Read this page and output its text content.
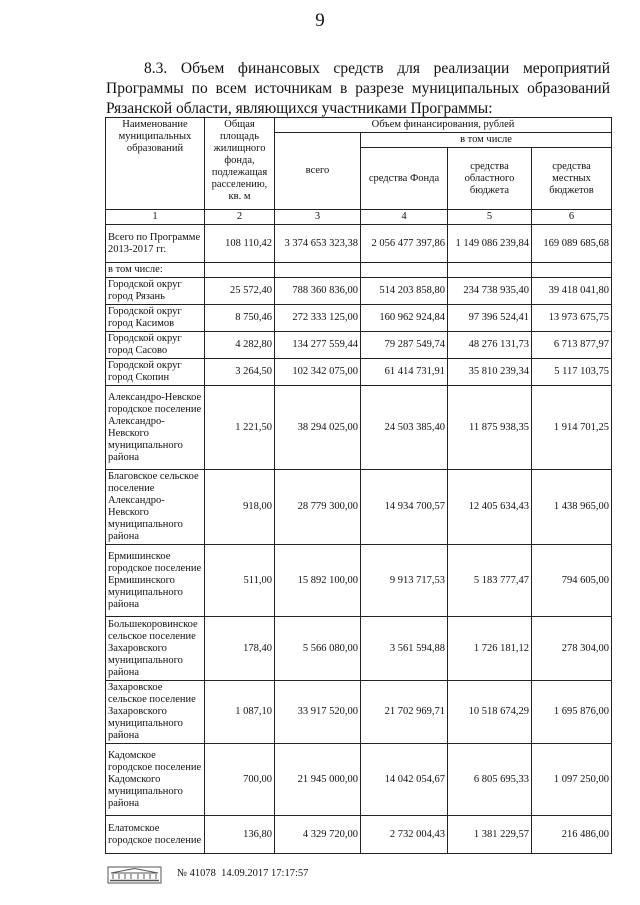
9
8.3. Объем финансовых средств для реализации мероприятий Программы по всем источникам в разрезе муниципальных образований Рязанской области, являющихся участниками Программы:
Наименование муниципальных образований	Общая площадь жилищного фонда, подлежащая расселению, кв. м	Объем финансирования, рублей			
		всего	в том числе		
			средства Фонда	средства областного бюджета	средства местных бюджетов
1	2	3	4	5	6
Всего по Программе 2013-2017 гг.	108 110,42	3 374 653 323,38	2 056 477 397,86	1 149 086 239,84	169 089 685,68
в том числе:					
Городской округ город Рязань	25 572,40	788 360 836,00	514 203 858,80	234 738 935,40	39 418 041,80
Городской округ город Касимов	8 750,46	272 333 125,00	160 962 924,84	97 396 524,41	13 973 675,75
Городской округ город Сасово	4 282,80	134 277 559,44	79 287 549,74	48 276 131,73	6 713 877,97
Городской округ город Скопин	3 264,50	102 342 075,00	61 414 731,91	35 810 239,34	5 117 103,75
Александро-Невское городское поселение Александро-Невского муниципального района	1 221,50	38 294 025,00	24 503 385,40	11 875 938,35	1 914 701,25
Благовское сельское поселение Александро-Невского муниципального района	918,00	28 779 300,00	14 934 700,57	12 405 634,43	1 438 965,00
Ермишинское городское поселение Ермишинского муниципального района	511,00	15 892 100,00	9 913 717,53	5 183 777,47	794 605,00
Большекоровинское сельское поселение Захаровского муниципального района	178,40	5 566 080,00	3 561 594,88	1 726 181,12	278 304,00
Захаровское сельское поселение Захаровского муниципального района	1 087,10	33 917 520,00	21 702 969,71	10 518 674,29	1 695 876,00
Кадомское городское поселение Кадомского муниципального района	700,00	21 945 000,00	14 042 054,67	6 805 695,33	1 097 250,00
Елатомское городское поселение	136,80	4 329 720,00	2 732 004,43	1 381 229,57	216 486,00
№ 41078 14.09.2017 17:17:57
